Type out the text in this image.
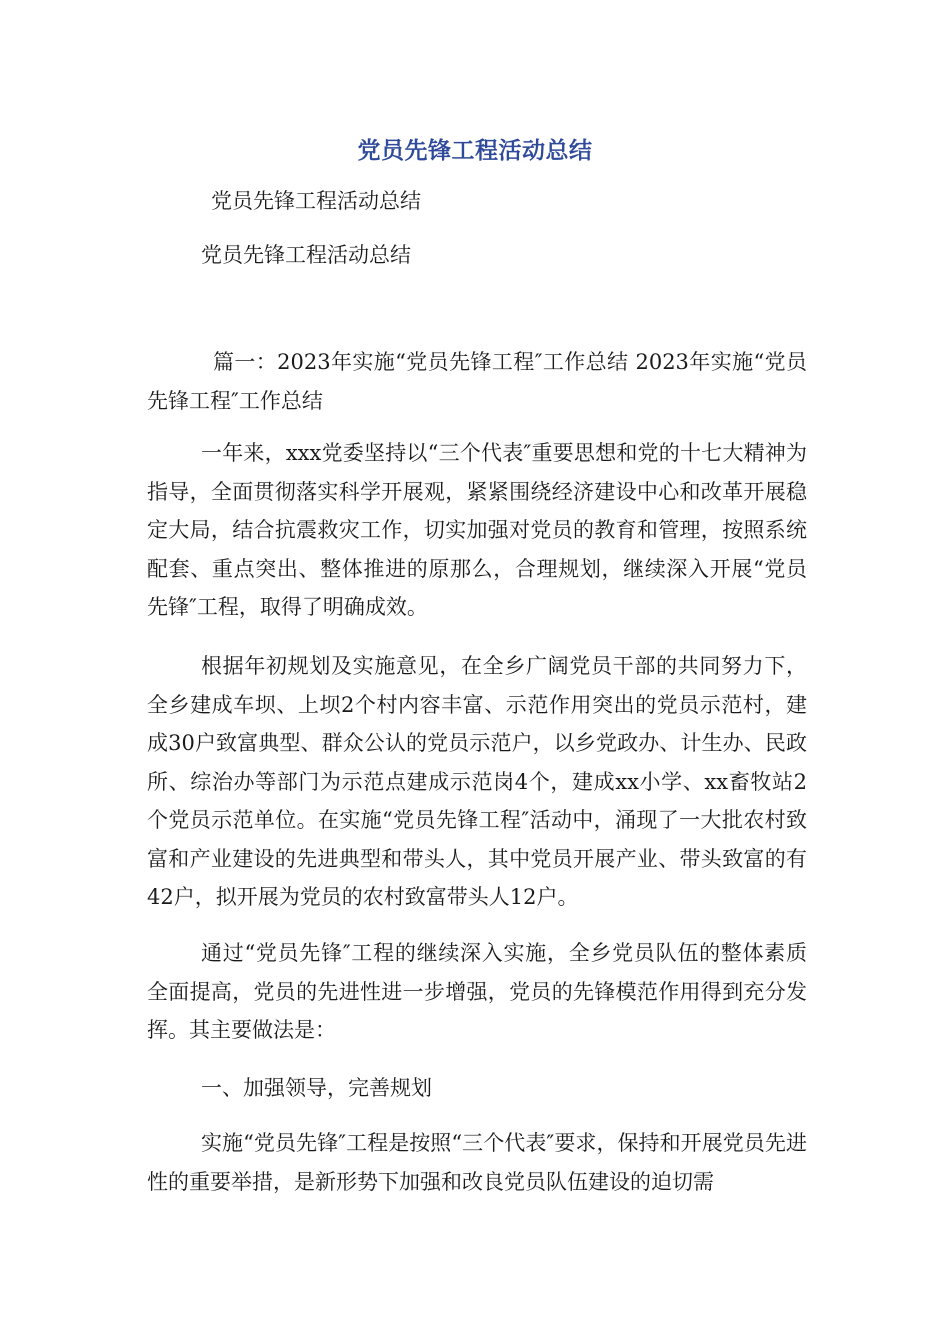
党员先锋工程活动总结
党员先锋工程活动总结
党员先锋工程活动总结

篇一：2023年实施“党员先锋工程″工作总结 2023年实施“党员先锋工程″工作总结

一年来，xxx党委坚持以“三个代表″重要思想和党的十七大精神为指导，全面贯彻落实科学开展观，紧紧围绕经济建设中心和改革开展稳定大局，结合抗震救灾工作，切实加强对党员的教育和管理，按照系统配套、重点突出、整体推进的原那么，合理规划，继续深入开展“党员先锋″工程，取得了明确成效。

根据年初规划及实施意见，在全乡广阔党员干部的共同努力下，全乡建成车坝、上坝2个村内容丰富、示范作用突出的党员示范村，建成30户致富典型、群众公认的党员示范户，以乡党政办、计生办、民政所、综治办等部门为示范点建成示范岗4个，建成xx小学、xx畜牧站2个党员示范单位。在实施“党员先锋工程″活动中，涌现了一大批农村致富和产业建设的先进典型和带头人，其中党员开展产业、带头致富的有42户，拟开展为党员的农村致富带头人12户。

通过“党员先锋″工程的继续深入实施，全乡党员队伍的整体素质全面提高，党员的先进性进一步增强，党员的先锋模范作用得到充分发挥。其主要做法是：

一、加强领导，完善规划

实施“党员先锋″工程是按照“三个代表″要求，保持和开展党员先进性的重要举措，是新形势下加强和改良党员队伍建设的迫切需
